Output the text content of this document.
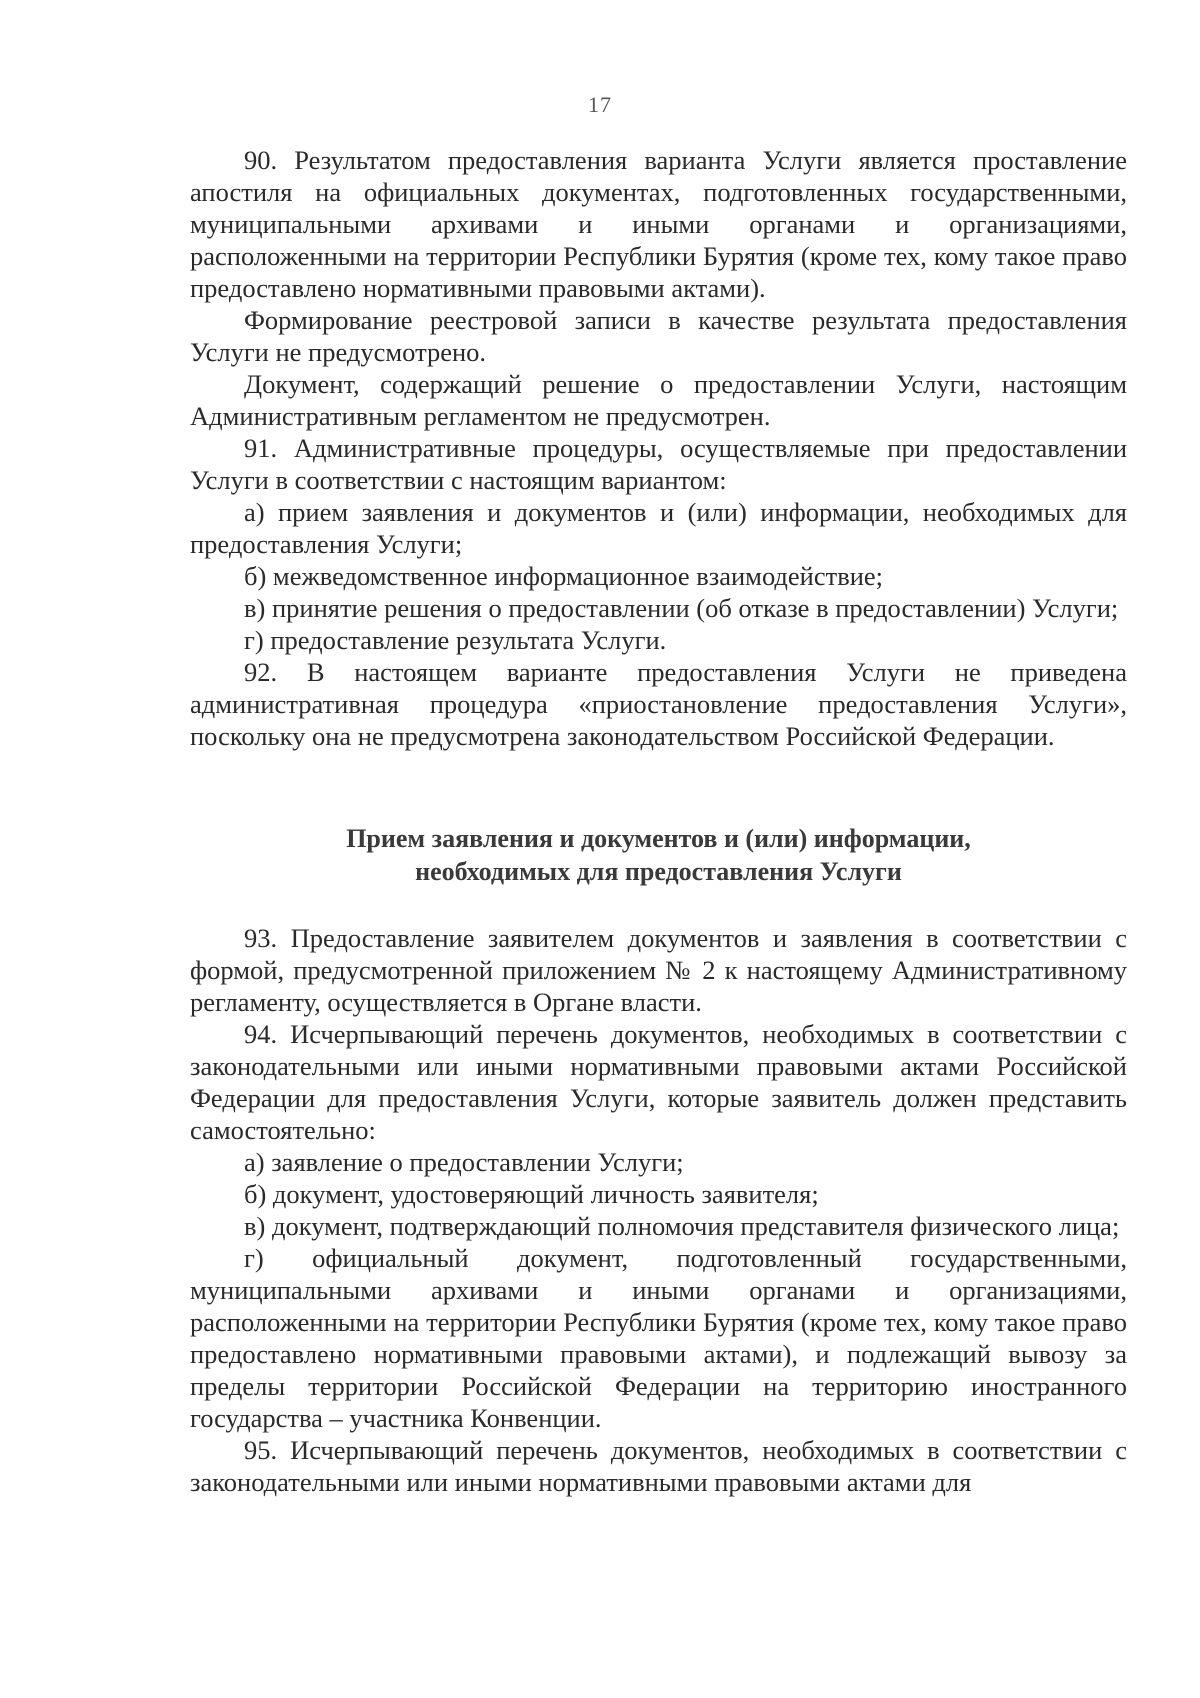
17

90. Результатом предоставления варианта Услуги является проставление апостиля на официальных документах, подготовленных государственными, муниципальными архивами и иными органами и организациями, расположенными на территории Республики Бурятия (кроме тех, кому такое право предоставлено нормативными правовыми актами).

Формирование реестровой записи в качестве результата предоставления Услуги не предусмотрено.

Документ, содержащий решение о предоставлении Услуги, настоящим Административным регламентом не предусмотрен.

91. Административные процедуры, осуществляемые при предоставлении Услуги в соответствии с настоящим вариантом:

а) прием заявления и документов и (или) информации, необходимых для предоставления Услуги;

б) межведомственное информационное взаимодействие;

в) принятие решения о предоставлении (об отказе в предоставлении) Услуги;

г) предоставление результата Услуги.

92. В настоящем варианте предоставления Услуги не приведена административная процедура «приостановление предоставления Услуги», поскольку она не предусмотрена законодательством Российской Федерации.

Прием заявления и документов и (или) информации,
необходимых для предоставления Услуги

93. Предоставление заявителем документов и заявления в соответствии с формой, предусмотренной приложением № 2 к настоящему Административному регламенту, осуществляется в Органе власти.

94. Исчерпывающий перечень документов, необходимых в соответствии с законодательными или иными нормативными правовыми актами Российской Федерации для предоставления Услуги, которые заявитель должен представить самостоятельно:

а) заявление о предоставлении Услуги;

б) документ, удостоверяющий личность заявителя;

в) документ, подтверждающий полномочия представителя физического лица;

г) официальный документ, подготовленный государственными, муниципальными архивами и иными органами и организациями, расположенными на территории Республики Бурятия (кроме тех, кому такое право предоставлено нормативными правовыми актами), и подлежащий вывозу за пределы территории Российской Федерации на территорию иностранного государства – участника Конвенции.

95. Исчерпывающий перечень документов, необходимых в соответствии с законодательными или иными нормативными правовыми актами для
